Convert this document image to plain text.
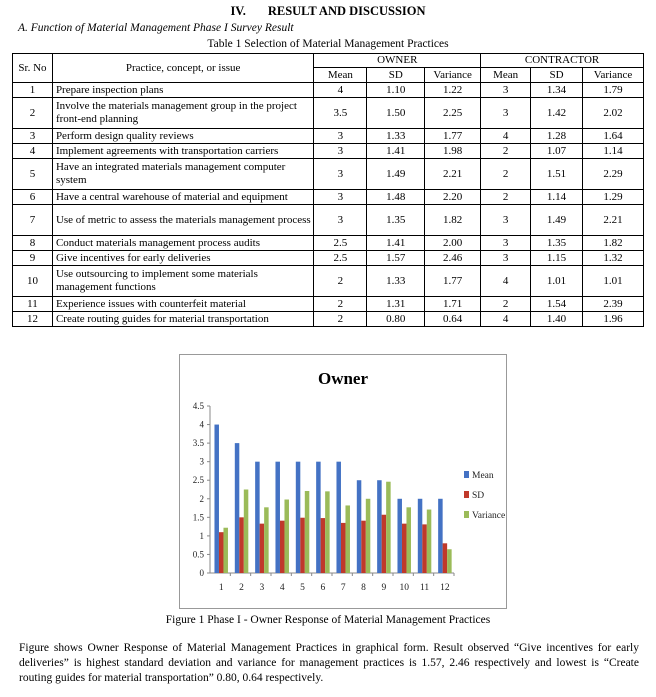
IV. RESULT AND DISCUSSION
A. Function of Material Management Phase I Survey Result
Table 1 Selection of Material Management Practices
Sr. No	Practice, concept, or issue	OWNER			CONTRACTOR		
		Mean	SD	Variance	Mean	SD	Variance
1	Prepare inspection plans	4	1.10	1.22	3	1.34	1.79
2	Involve the materials management group in the project front-end planning	3.5	1.50	2.25	3	1.42	2.02
3	Perform design quality reviews	3	1.33	1.77	4	1.28	1.64
4	Implement agreements with transportation carriers	3	1.41	1.98	2	1.07	1.14
5	Have an integrated materials management computer system	3	1.49	2.21	2	1.51	2.29
6	Have a central warehouse of material and equipment	3	1.48	2.20	2	1.14	1.29
7	Use of metric to assess the materials management process	3	1.35	1.82	3	1.49	2.21
8	Conduct materials management process audits	2.5	1.41	2.00	3	1.35	1.82
9	Give incentives for early deliveries	2.5	1.57	2.46	3	1.15	1.32
10	Use outsourcing to implement some materials management functions	2	1.33	1.77	4	1.01	1.01
11	Experience issues with counterfeit material	2	1.31	1.71	2	1.54	2.39
12	Create routing guides for material transportation	2	0.80	0.64	4	1.40	1.96
Owner
0
0.5
1
1.5
2
2.5
3
3.5
4
4.5
1 2 3 4 5 6 7 8 9 10 11 12
Mean
SD
Variance
Figure 1 Phase I - Owner Response of Material Management Practices
Figure shows Owner Response of Material Management Practices in graphical form. Result observed “Give incentives for early deliveries” is highest standard deviation and variance for management practices is 1.57, 2.46 respectively and lowest is “Create routing guides for material transportation” 0.80, 0.64 respectively.
